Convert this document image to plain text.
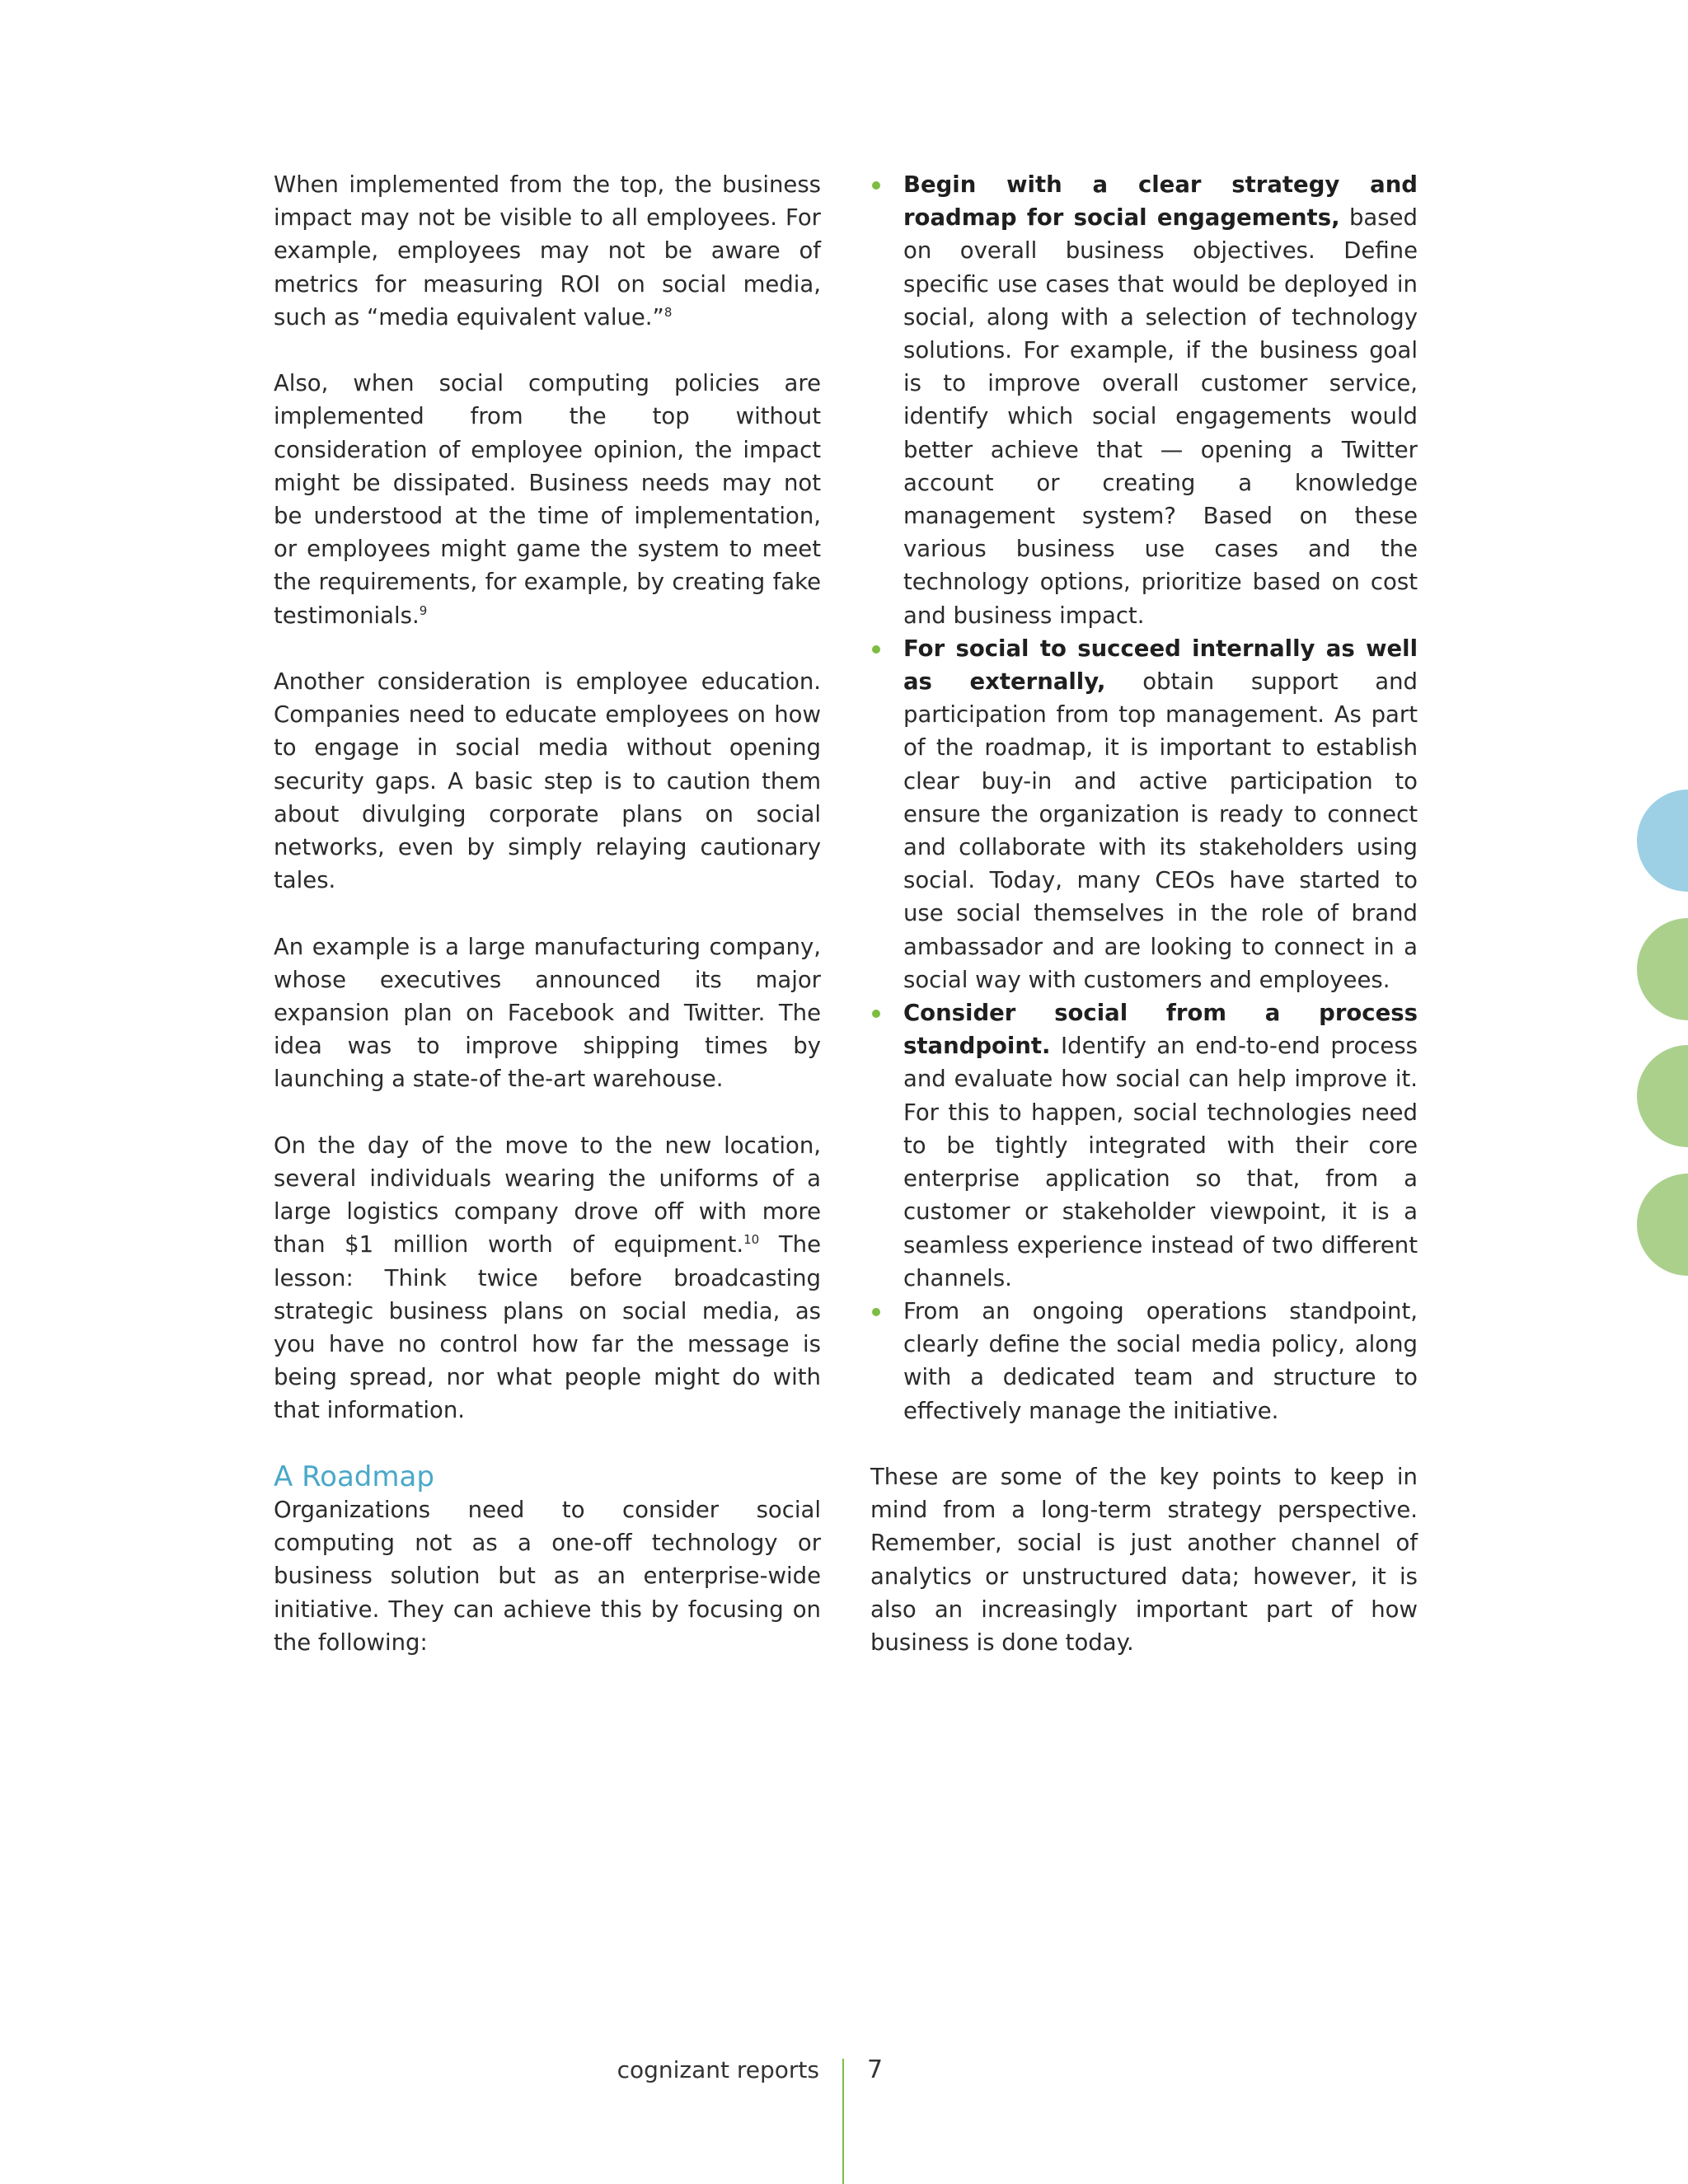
When implemented from the top, the business impact may not be visible to all employees. For example, employees may not be aware of metrics for measuring ROI on social media, such as “media equivalent value.”$^8$

Also, when social computing policies are implemented from the top without consideration of employee opinion, the impact might be dissipated. Business needs may not be understood at the time of implementation, or employees might game the system to meet the requirements, for example, by creating fake testimonials.$^9$

Another consideration is employee education. Companies need to educate employees on how to engage in social media without opening security gaps. A basic step is to caution them about divulging corporate plans on social networks, even by simply relaying cautionary tales.

An example is a large manufacturing company, whose executives announced its major expansion plan on Facebook and Twitter. The idea was to improve shipping times by launching a state-of the-art warehouse.

On the day of the move to the new location, several individuals wearing the uniforms of a large logistics company drove off with more than $1 million worth of equipment.$^{10}$ The lesson: Think twice before broadcasting strategic business plans on social media, as you have no control how far the message is being spread, nor what people might do with that information.

A Roadmap

Organizations need to consider social computing not as a one-off technology or business solution but as an enterprise-wide initiative. They can achieve this by focusing on the following:

Begin with a clear strategy and roadmap for social engagements, based on overall business objectives. Define specific use cases that would be deployed in social, along with a selection of technology solutions. For example, if the business goal is to improve overall customer service, identify which social engagements would better achieve that — opening a Twitter account or creating a knowledge management system? Based on these various business use cases and the technology options, prioritize based on cost and business impact.
For social to succeed internally as well as externally, obtain support and participation from top management. As part of the roadmap, it is important to establish clear buy-in and active participation to ensure the organization is ready to connect and collaborate with its stakeholders using social. Today, many CEOs have started to use social themselves in the role of brand ambassador and are looking to connect in a social way with customers and employees.
Consider social from a process standpoint. Identify an end-to-end process and evaluate how social can help improve it. For this to happen, social technologies need to be tightly integrated with their core enterprise application so that, from a customer or stakeholder viewpoint, it is a seamless experience instead of two different channels.
From an ongoing operations standpoint, clearly define the social media policy, along with a dedicated team and structure to effectively manage the initiative.

These are some of the key points to keep in mind from a long-term strategy perspective. Remember, social is just another channel of analytics or unstructured data; however, it is also an increasingly important part of how business is done today.

cognizant reports 7
